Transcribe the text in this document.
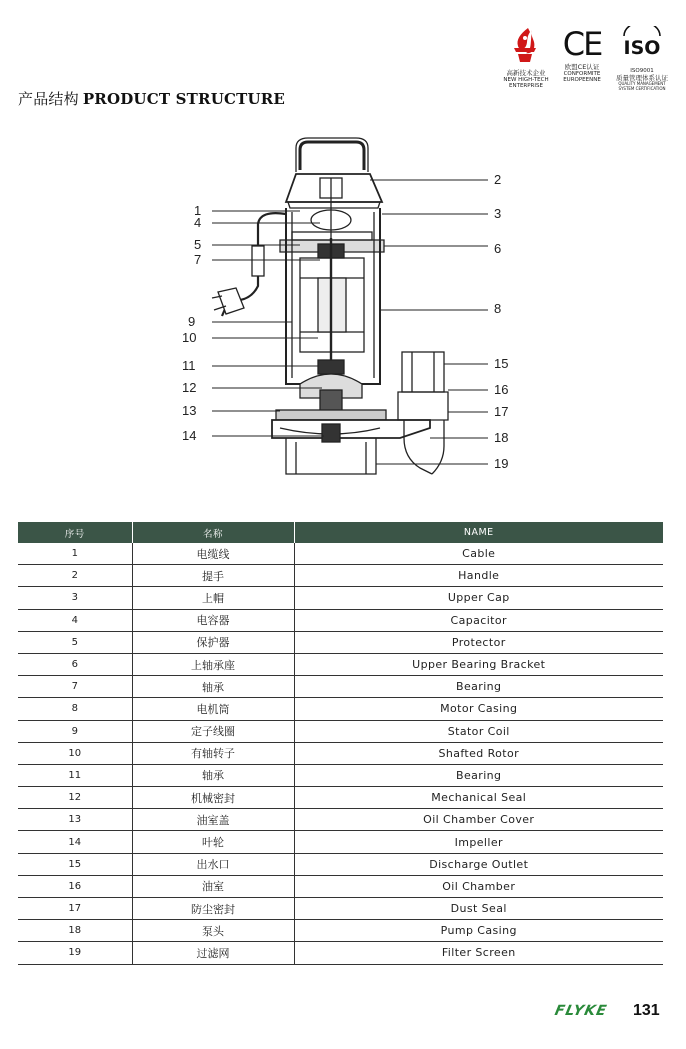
高新技术企业
NEW HIGH-TECH
ENTERPRISE
CE
欧盟CE认证
CONFORMITE
EUROPEENNE
ISO
ISO9001
质量管理体系认证
QUALITY MANAGEMENT
SYSTEM CERTIFICATION
产品结构 PRODUCT STRUCTURE
1
4
5
7
9
10
11
12
13
14
2
3
6
8
15
16
17
18
19
序号	名称	NAME
1	电缆线	Cable
2	提手	Handle
3	上帽	Upper Cap
4	电容器	Capacitor
5	保护器	Protector
6	上轴承座	Upper Bearing Bracket
7	轴承	Bearing
8	电机筒	Motor Casing
9	定子线圈	Stator Coil
10	有轴转子	Shafted Rotor
11	轴承	Bearing
12	机械密封	Mechanical Seal
13	油室盖	Oil Chamber Cover
14	叶轮	Impeller
15	出水口	Discharge Outlet
16	油室	Oil Chamber
17	防尘密封	Dust Seal
18	泵头	Pump Casing
19	过滤网	Filter Screen
FLYKE 131
